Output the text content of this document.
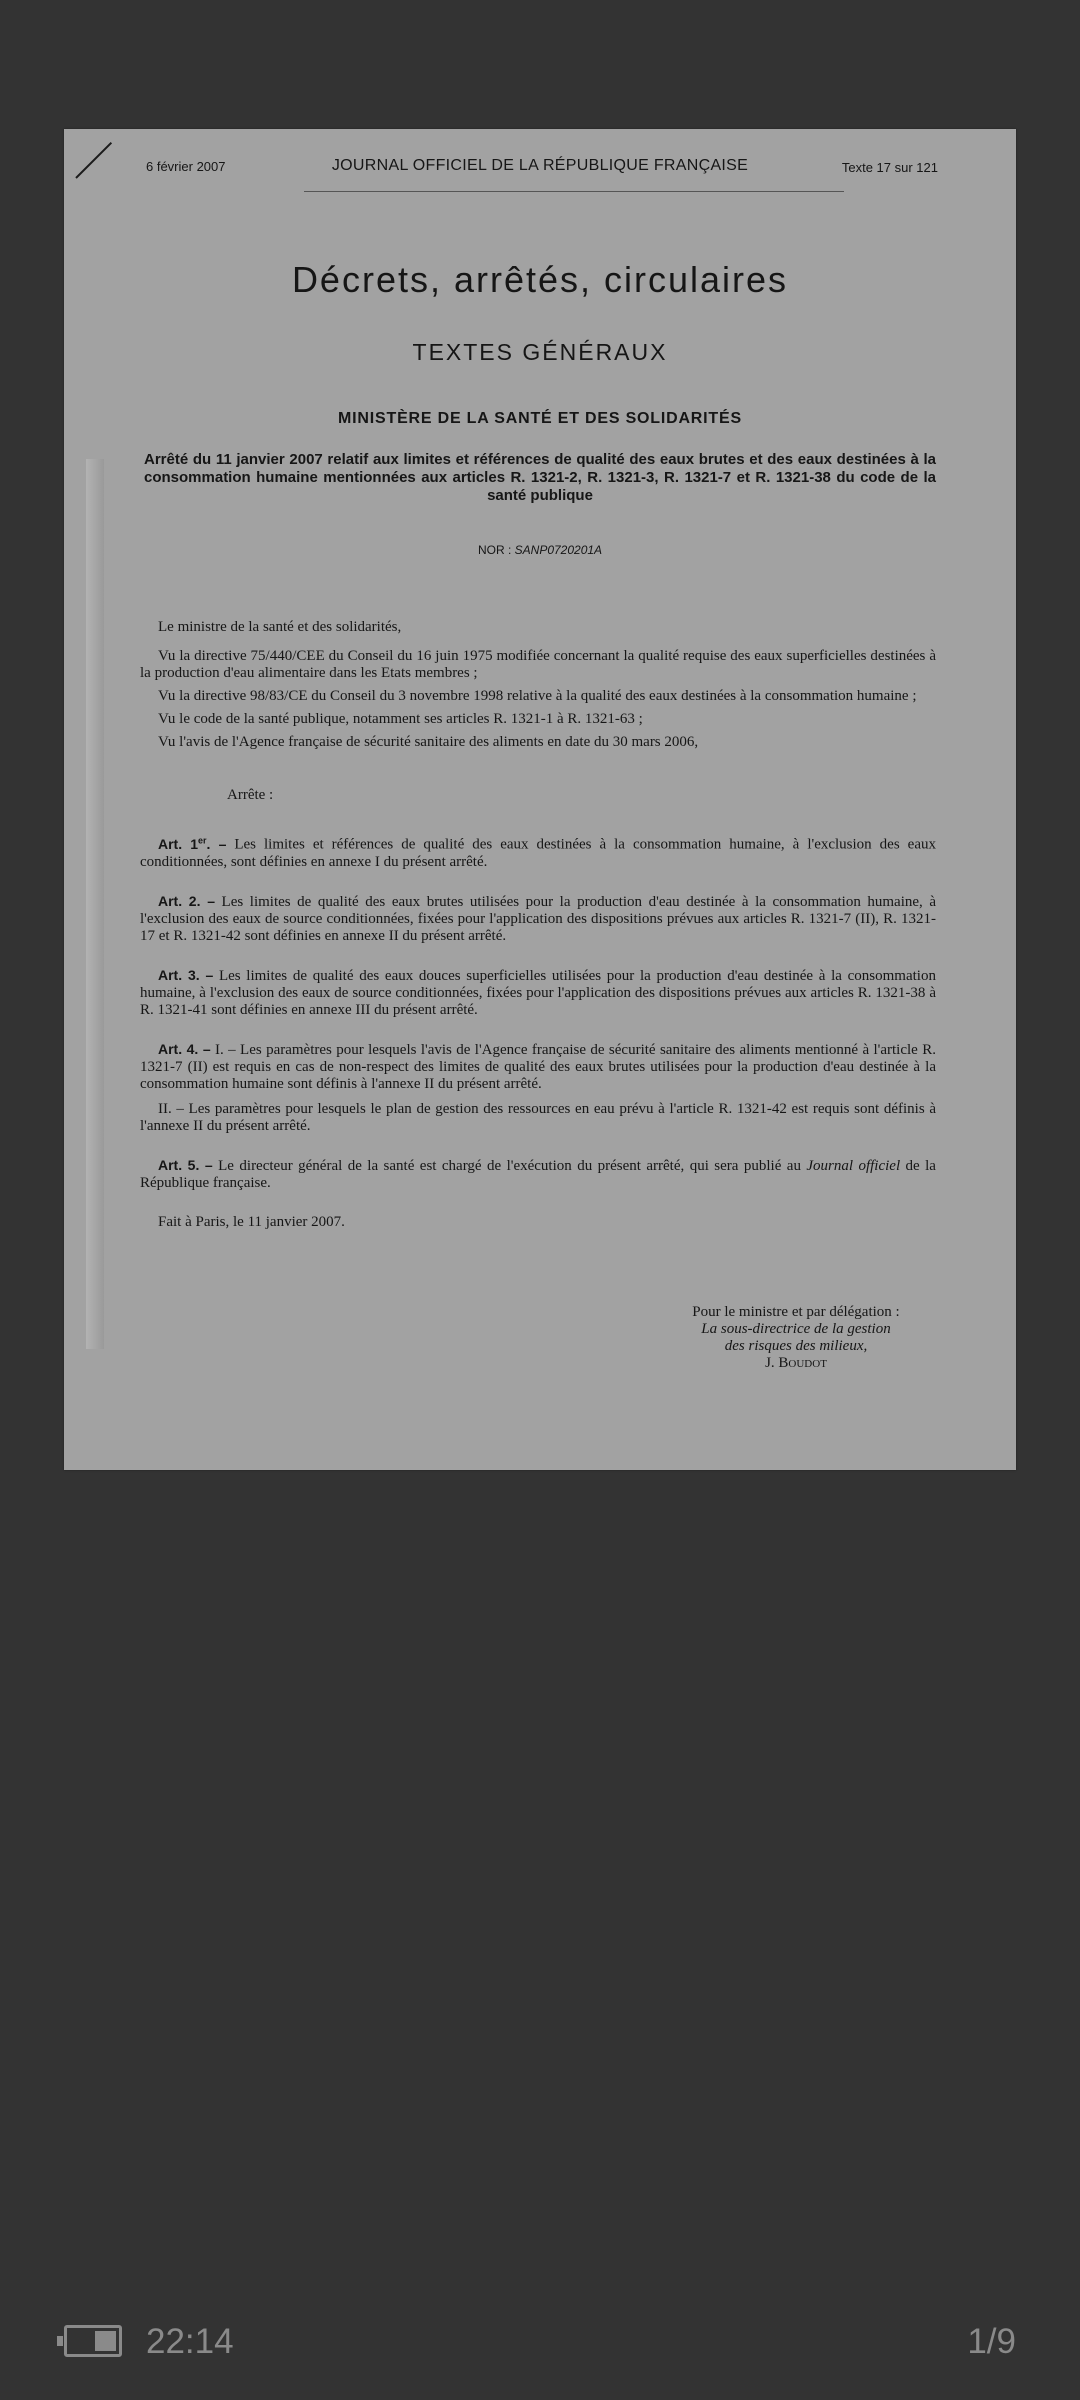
6 février 2007	JOURNAL OFFICIEL DE LA RÉPUBLIQUE FRANÇAISE	Texte 17 sur 121
Décrets, arrêtés, circulaires
TEXTES GÉNÉRAUX
MINISTÈRE DE LA SANTÉ ET DES SOLIDARITÉS
Arrêté du 11 janvier 2007 relatif aux limites et références de qualité des eaux brutes et des eaux destinées à la consommation humaine mentionnées aux articles R. 1321-2, R. 1321-3, R. 1321-7 et R. 1321-38 du code de la santé publique
NOR : SANP0720201A

Le ministre de la santé et des solidarités,

Vu la directive 75/440/CEE du Conseil du 16 juin 1975 modifiée concernant la qualité requise des eaux superficielles destinées à la production d'eau alimentaire dans les Etats membres ;

Vu la directive 98/83/CE du Conseil du 3 novembre 1998 relative à la qualité des eaux destinées à la consommation humaine ;

Vu le code de la santé publique, notamment ses articles R. 1321-1 à R. 1321-63 ;

Vu l'avis de l'Agence française de sécurité sanitaire des aliments en date du 30 mars 2006,

Arrête :

Art. 1er. – Les limites et références de qualité des eaux destinées à la consommation humaine, à l'exclusion des eaux conditionnées, sont définies en annexe I du présent arrêté.

Art. 2. – Les limites de qualité des eaux brutes utilisées pour la production d'eau destinée à la consommation humaine, à l'exclusion des eaux de source conditionnées, fixées pour l'application des dispositions prévues aux articles R. 1321-7 (II), R. 1321-17 et R. 1321-42 sont définies en annexe II du présent arrêté.

Art. 3. – Les limites de qualité des eaux douces superficielles utilisées pour la production d'eau destinée à la consommation humaine, à l'exclusion des eaux de source conditionnées, fixées pour l'application des dispositions prévues aux articles R. 1321-38 à R. 1321-41 sont définies en annexe III du présent arrêté.

Art. 4. – I. – Les paramètres pour lesquels l'avis de l'Agence française de sécurité sanitaire des aliments mentionné à l'article R. 1321-7 (II) est requis en cas de non-respect des limites de qualité des eaux brutes utilisées pour la production d'eau destinée à la consommation humaine sont définis à l'annexe II du présent arrêté.

II. – Les paramètres pour lesquels le plan de gestion des ressources en eau prévu à l'article R. 1321-42 est requis sont définis à l'annexe II du présent arrêté.

Art. 5. – Le directeur général de la santé est chargé de l'exécution du présent arrêté, qui sera publié au Journal officiel de la République française.

Fait à Paris, le 11 janvier 2007.

Pour le ministre et par délégation :
La sous-directrice de la gestion
des risques des milieux,
J. Boudot
22:14	1/9
